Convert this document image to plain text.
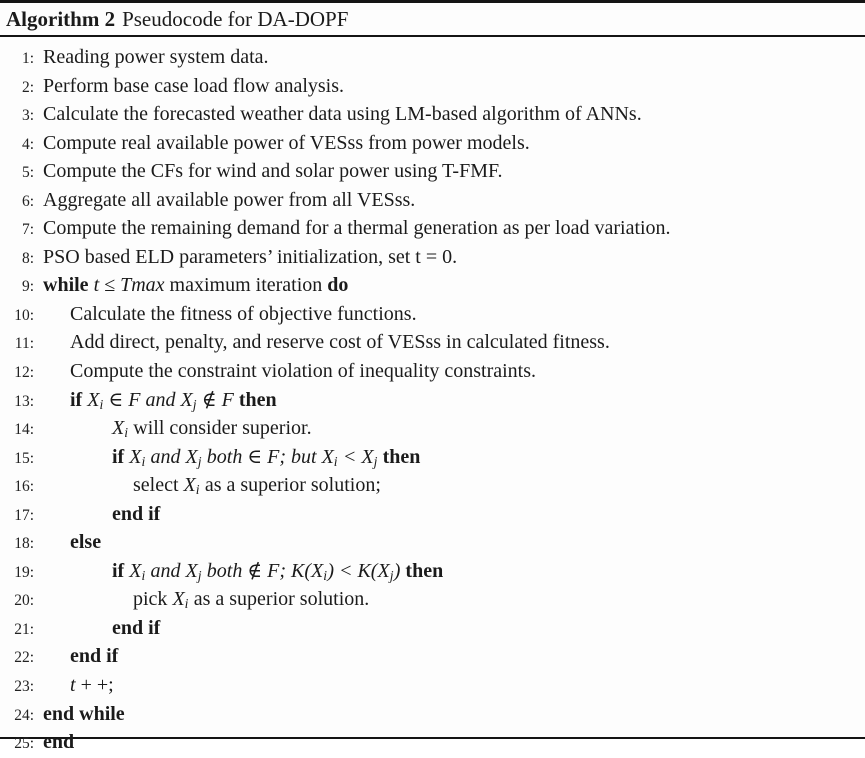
Algorithm 2 Pseudocode for DA-DOPF
1: Reading power system data.
2: Perform base case load flow analysis.
3: Calculate the forecasted weather data using LM-based algorithm of ANNs.
4: Compute real available power of VESss from power models.
5: Compute the CFs for wind and solar power using T-FMF.
6: Aggregate all available power from all VESss.
7: Compute the remaining demand for a thermal generation as per load variation.
8: PSO based ELD parameters’ initialization, set t = 0.
9: while t ≤ Tmax maximum iteration do
10:	Calculate the fitness of objective functions.
11:	Add direct, penalty, and reserve cost of VESss in calculated fitness.
12:	Compute the constraint violation of inequality constraints.
13:	if Xi ∈ F and Xj ∉ F then
14:	Xi will consider superior.
15:	if Xi and Xj both ∈ F; but Xi < Xj then
16:	select Xi as a superior solution;
17:	end if
18:	else
19:	if Xi and Xj both ∉ F; K(Xi) < K(Xj) then
20:	pick Xi as a superior solution.
21:	end if
22:	end if
23:	t + +;
24: end while
25: end
